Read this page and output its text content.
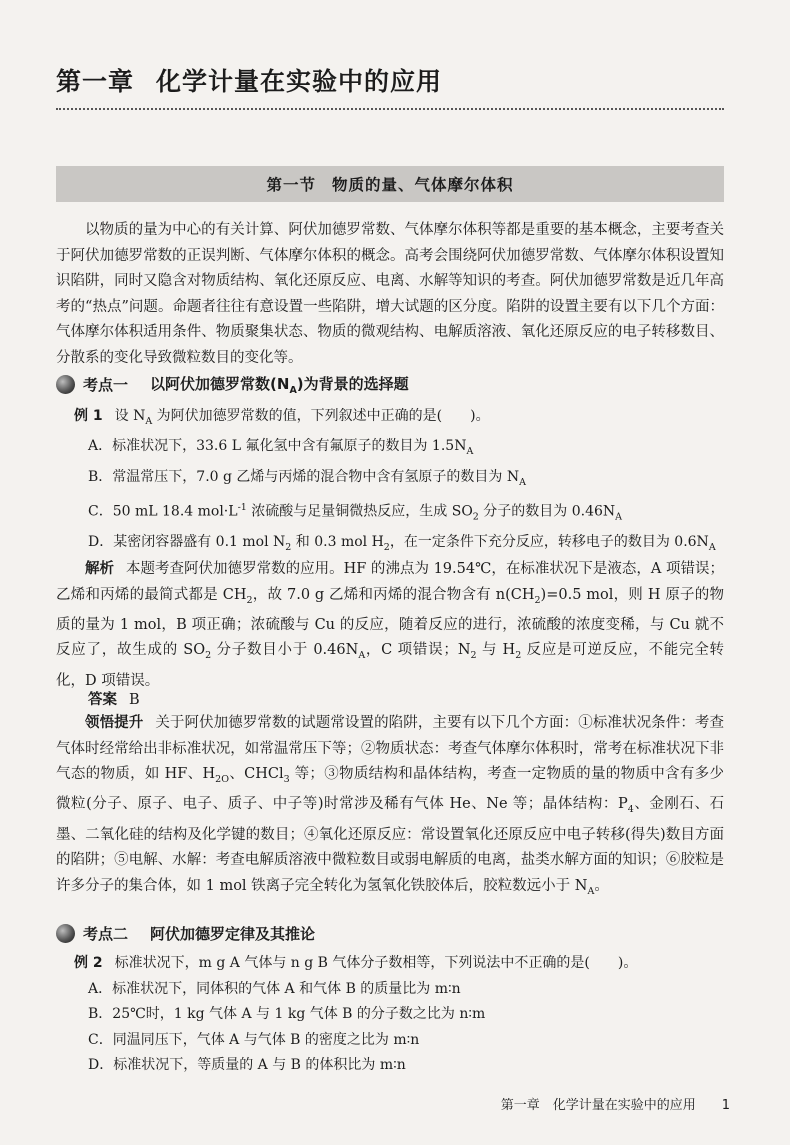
第一章 化学计量在实验中的应用
第一节 物质的量、气体摩尔体积
以物质的量为中心的有关计算、阿伏加德罗常数、气体摩尔体积等都是重要的基本概念，主要考查关于阿伏加德罗常数的正误判断、气体摩尔体积的概念。高考会围绕阿伏加德罗常数、气体摩尔体积设置知识陷阱，同时又隐含对物质结构、氧化还原反应、电离、水解等知识的考查。阿伏加德罗常数是近几年高考的“热点”问题。命题者往往有意设置一些陷阱，增大试题的区分度。陷阱的设置主要有以下几个方面：气体摩尔体积适用条件、物质聚集状态、物质的微观结构、电解质溶液、氧化还原反应的电子转移数目、分散系的变化导致微粒数目的变化等。
考点一 以阿伏加德罗常数$(N_A)$为背景的选择题
例 1 设 $N_A$ 为阿伏加德罗常数的值，下列叙述中正确的是(　　)。
A．标准状况下，33.6 L 氟化氢中含有氟原子的数目为 $1.5N_A$
B．常温常压下，7.0 g 乙烯与丙烯的混合物中含有氢原子的数目为 $N_A$
C．50 mL 18.4 $mol\cdot L^{-1}$ 浓硫酸与足量铜微热反应，生成 $SO_2$ 分子的数目为 $0.46N_A$
D．某密闭容器盛有 0.1 mol $N_2$ 和 0.3 mol $H_2$，在一定条件下充分反应，转移电子的数目为 $0.6N_A$
解析 本题考查阿伏加德罗常数的应用。HF 的沸点为 19.54℃，在标准状况下是液态，A 项错误；乙烯和丙烯的最简式都是 $CH_2$，故 7.0 g 乙烯和丙烯的混合物含有 $n(CH_2)=0.5$ mol，则 H 原子的物质的量为 1 mol，B 项正确；浓硫酸与 Cu 的反应，随着反应的进行，浓硫酸的浓度变稀，与 Cu 就不反应了，故生成的 $SO_2$ 分子数目小于 $0.46N_A$，C 项错误；$N_2$ 与 $H_2$ 反应是可逆反应，不能完全转化，D 项错误。
答案 B
领悟提升 关于阿伏加德罗常数的试题常设置的陷阱，主要有以下几个方面：①标准状况条件：考查气体时经常给出非标准状况，如常温常压下等；②物质状态：考查气体摩尔体积时，常考在标准状况下非气态的物质，如 HF、$H_{2O}$、CHCl$_3$ 等；③物质结构和晶体结构，考查一定物质的量的物质中含有多少微粒(分子、原子、电子、质子、中子等)时常涉及稀有气体 He、Ne 等；晶体结构：$P_4$、金刚石、石墨、二氧化硅的结构及化学键的数目；④氧化还原反应：常设置氧化还原反应中电子转移(得失)数目方面的陷阱；⑤电解、水解：考查电解质溶液中微粒数目或弱电解质的电离，盐类水解方面的知识；⑥胶粒是许多分子的集合体，如 1 mol 铁离子完全转化为氢氧化铁胶体后，胶粒数远小于 $N_A$。
考点二 阿伏加德罗定律及其推论
例 2 标准状况下，m g A 气体与 n g B 气体分子数相等，下列说法中不正确的是(　　)。
A．标准状况下，同体积的气体 A 和气体 B 的质量比为 m∶n
B．25℃时，1 kg 气体 A 与 1 kg 气体 B 的分子数之比为 n∶m
C．同温同压下，气体 A 与气体 B 的密度之比为 m∶n
D．标准状况下，等质量的 A 与 B 的体积比为 m∶n
第一章　化学计量在实验中的应用 1
